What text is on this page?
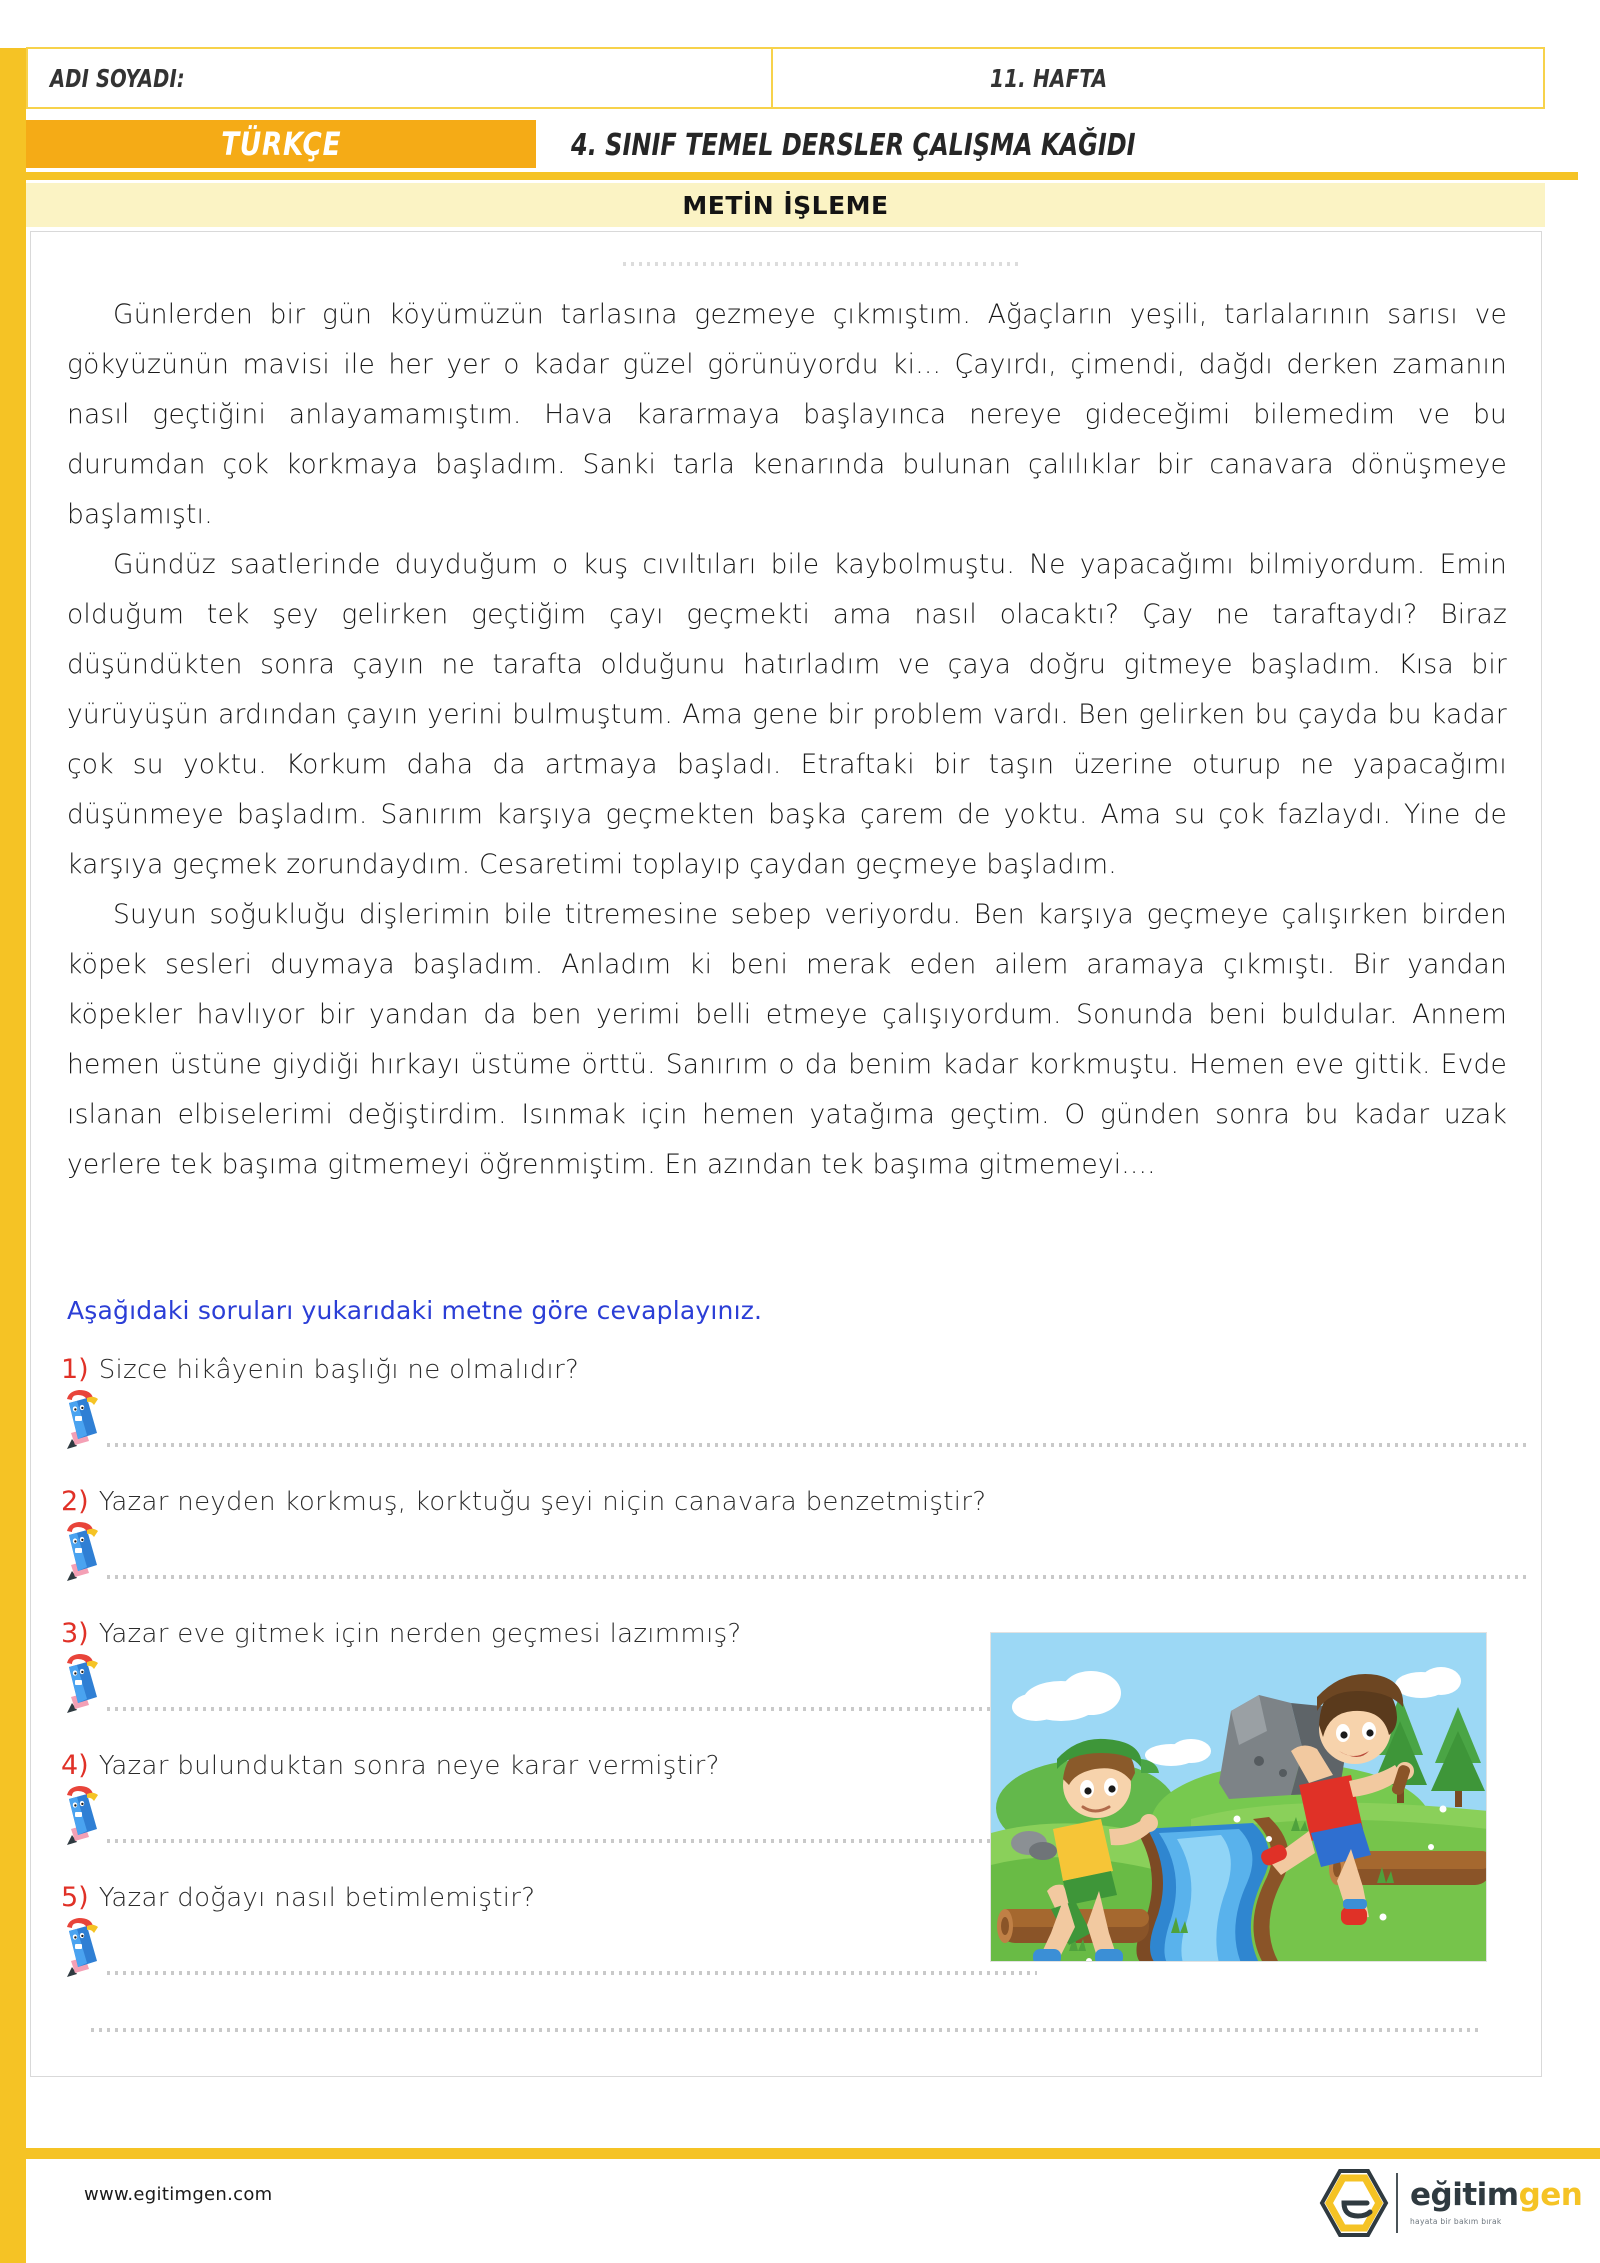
ADI SOYADI:	11. HAFTA
TÜRKÇE	4. SINIF TEMEL DERSLER ÇALIŞMA KAĞIDI
METİN İŞLEME

Günlerden bir gün köyümüzün tarlasına gezmeye çıkmıştım. Ağaçların yeşili, tarlalarının sarısı ve gökyüzünün mavisi ile her yer o kadar güzel görünüyordu ki... Çayırdı, çimendi, dağdı derken zamanın nasıl geçtiğini anlayamamıştım. Hava kararmaya başlayınca nereye gideceğimi bilemedim ve bu durumdan çok korkmaya başladım. Sanki tarla kenarında bulunan çalılıklar bir canavara dönüşmeye başlamıştı.

Gündüz saatlerinde duyduğum o kuş cıvıltıları bile kaybolmuştu. Ne yapacağımı bilmiyordum. Emin olduğum tek şey gelirken geçtiğim çayı geçmekti ama nasıl olacaktı? Çay ne taraftaydı? Biraz düşündükten sonra çayın ne tarafta olduğunu hatırladım ve çaya doğru gitmeye başladım. Kısa bir yürüyüşün ardından çayın yerini bulmuştum. Ama gene bir problem vardı. Ben gelirken bu çayda bu kadar çok su yoktu. Korkum daha da artmaya başladı. Etraftaki bir taşın üzerine oturup ne yapacağımı düşünmeye başladım. Sanırım karşıya geçmekten başka çarem de yoktu. Ama su çok fazlaydı. Yine de karşıya geçmek zorundaydım. Cesaretimi toplayıp çaydan geçmeye başladım.

Suyun soğukluğu dişlerimin bile titremesine sebep veriyordu. Ben karşıya geçmeye çalışırken birden köpek sesleri duymaya başladım. Anladım ki beni merak eden ailem aramaya çıkmıştı. Bir yandan köpekler havlıyor bir yandan da ben yerimi belli etmeye çalışıyordum. Sonunda beni buldular. Annem hemen üstüne giydiği hırkayı üstüme örttü. Sanırım o da benim kadar korkmuştu. Hemen eve gittik. Evde ıslanan elbiselerimi değiştirdim. Isınmak için hemen yatağıma geçtim. O günden sonra bu kadar uzak yerlere tek başıma gitmemeyi öğrenmiştim. En azından tek başıma gitmemeyi....

Aşağıdaki soruları yukarıdaki metne göre cevaplayınız.
1) Sizce hikâyenin başlığı ne olmalıdır?
2) Yazar neyden korkmuş, korktuğu şeyi niçin canavara benzetmiştir?
3) Yazar eve gitmek için nerden geçmesi lazımmış?
4) Yazar bulunduktan sonra neye karar vermiştir?
5) Yazar doğayı nasıl betimlemiştir?
www.egitimgen.com	eğitimgen
hayata bir bakım bırak
